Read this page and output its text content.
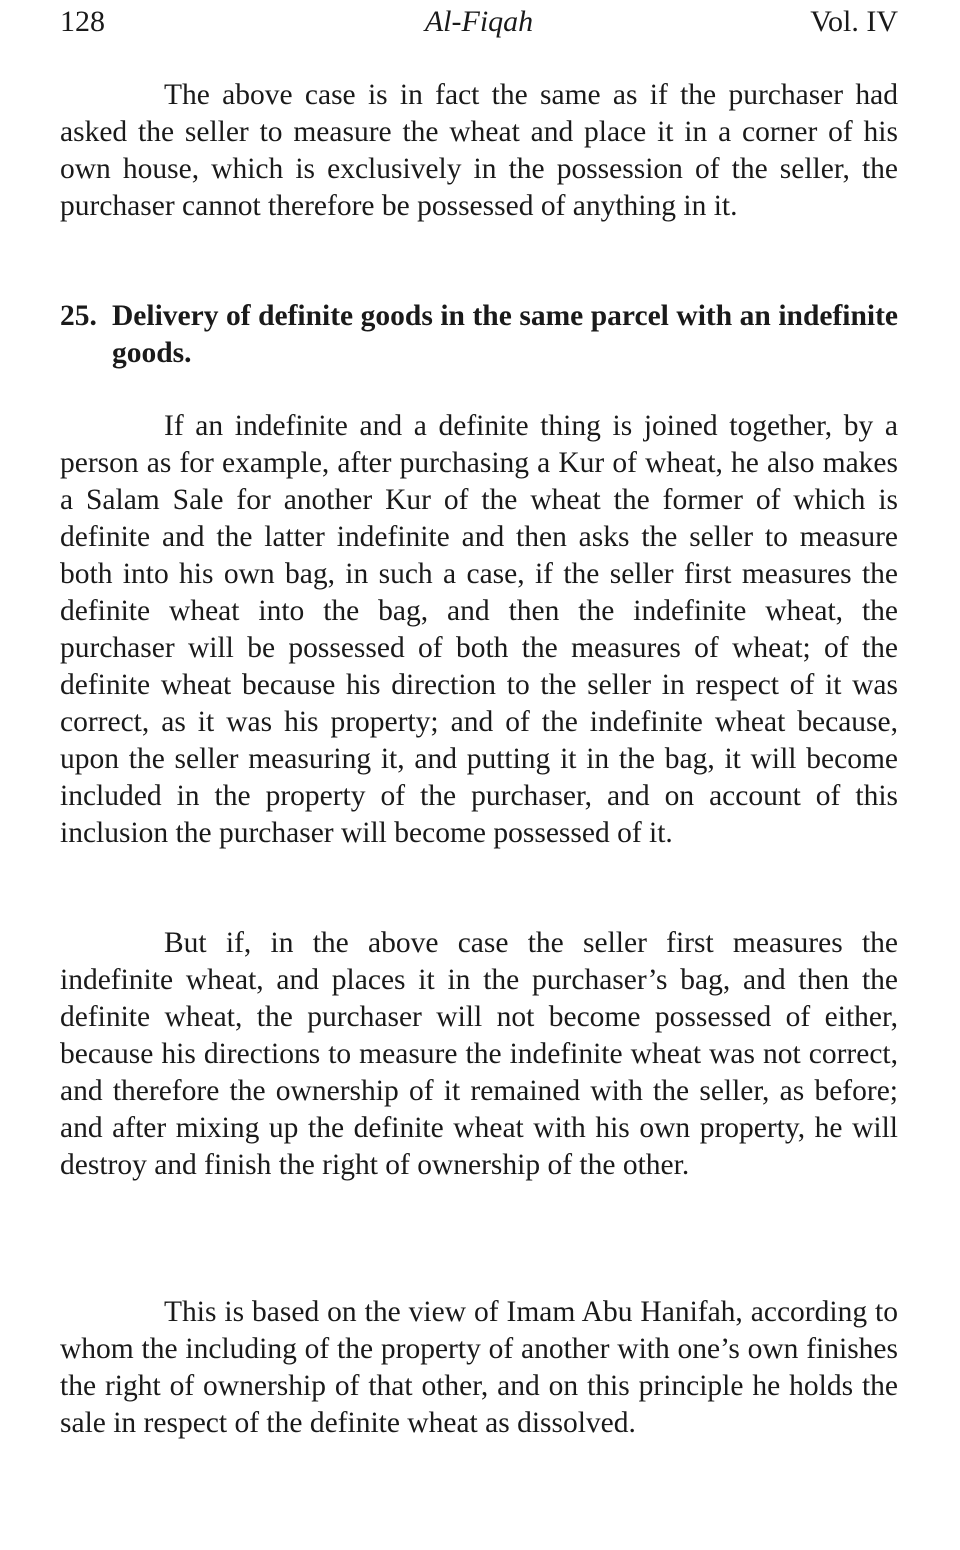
128	Al-Fiqah	Vol. IV

The above case is in fact the same as if the purchaser had asked the seller to measure the wheat and place it in a corner of his own house, which is exclusively in the possession of the seller, the purchaser cannot therefore be possessed of anything in it.

25. Delivery of definite goods in the same parcel with an indefinite goods.

If an indefinite and a definite thing is joined together, by a person as for example, after purchasing a Kur of wheat, he also makes a Salam Sale for another Kur of the wheat the former of which is definite and the latter indefinite and then asks the seller to measure both into his own bag, in such a case, if the seller first measures the definite wheat into the bag, and then the indefinite wheat, the purchaser will be possessed of both the measures of wheat; of the definite wheat because his direction to the seller in respect of it was correct, as it was his property; and of the indefinite wheat because, upon the seller measuring it, and putting it in the bag, it will become included in the property of the purchaser, and on account of this inclusion the purchaser will become possessed of it.

But if, in the above case the seller first measures the indefinite wheat, and places it in the purchaser’s bag, and then the definite wheat, the purchaser will not become possessed of either, because his directions to measure the indefinite wheat was not correct, and therefore the ownership of it remained with the seller, as before; and after mixing up the definite wheat with his own property, he will destroy and finish the right of ownership of the other.

This is based on the view of Imam Abu Hanifah, according to whom the including of the property of another with one’s own finishes the right of ownership of that other, and on this principle he holds the sale in respect of the definite wheat as dissolved.
